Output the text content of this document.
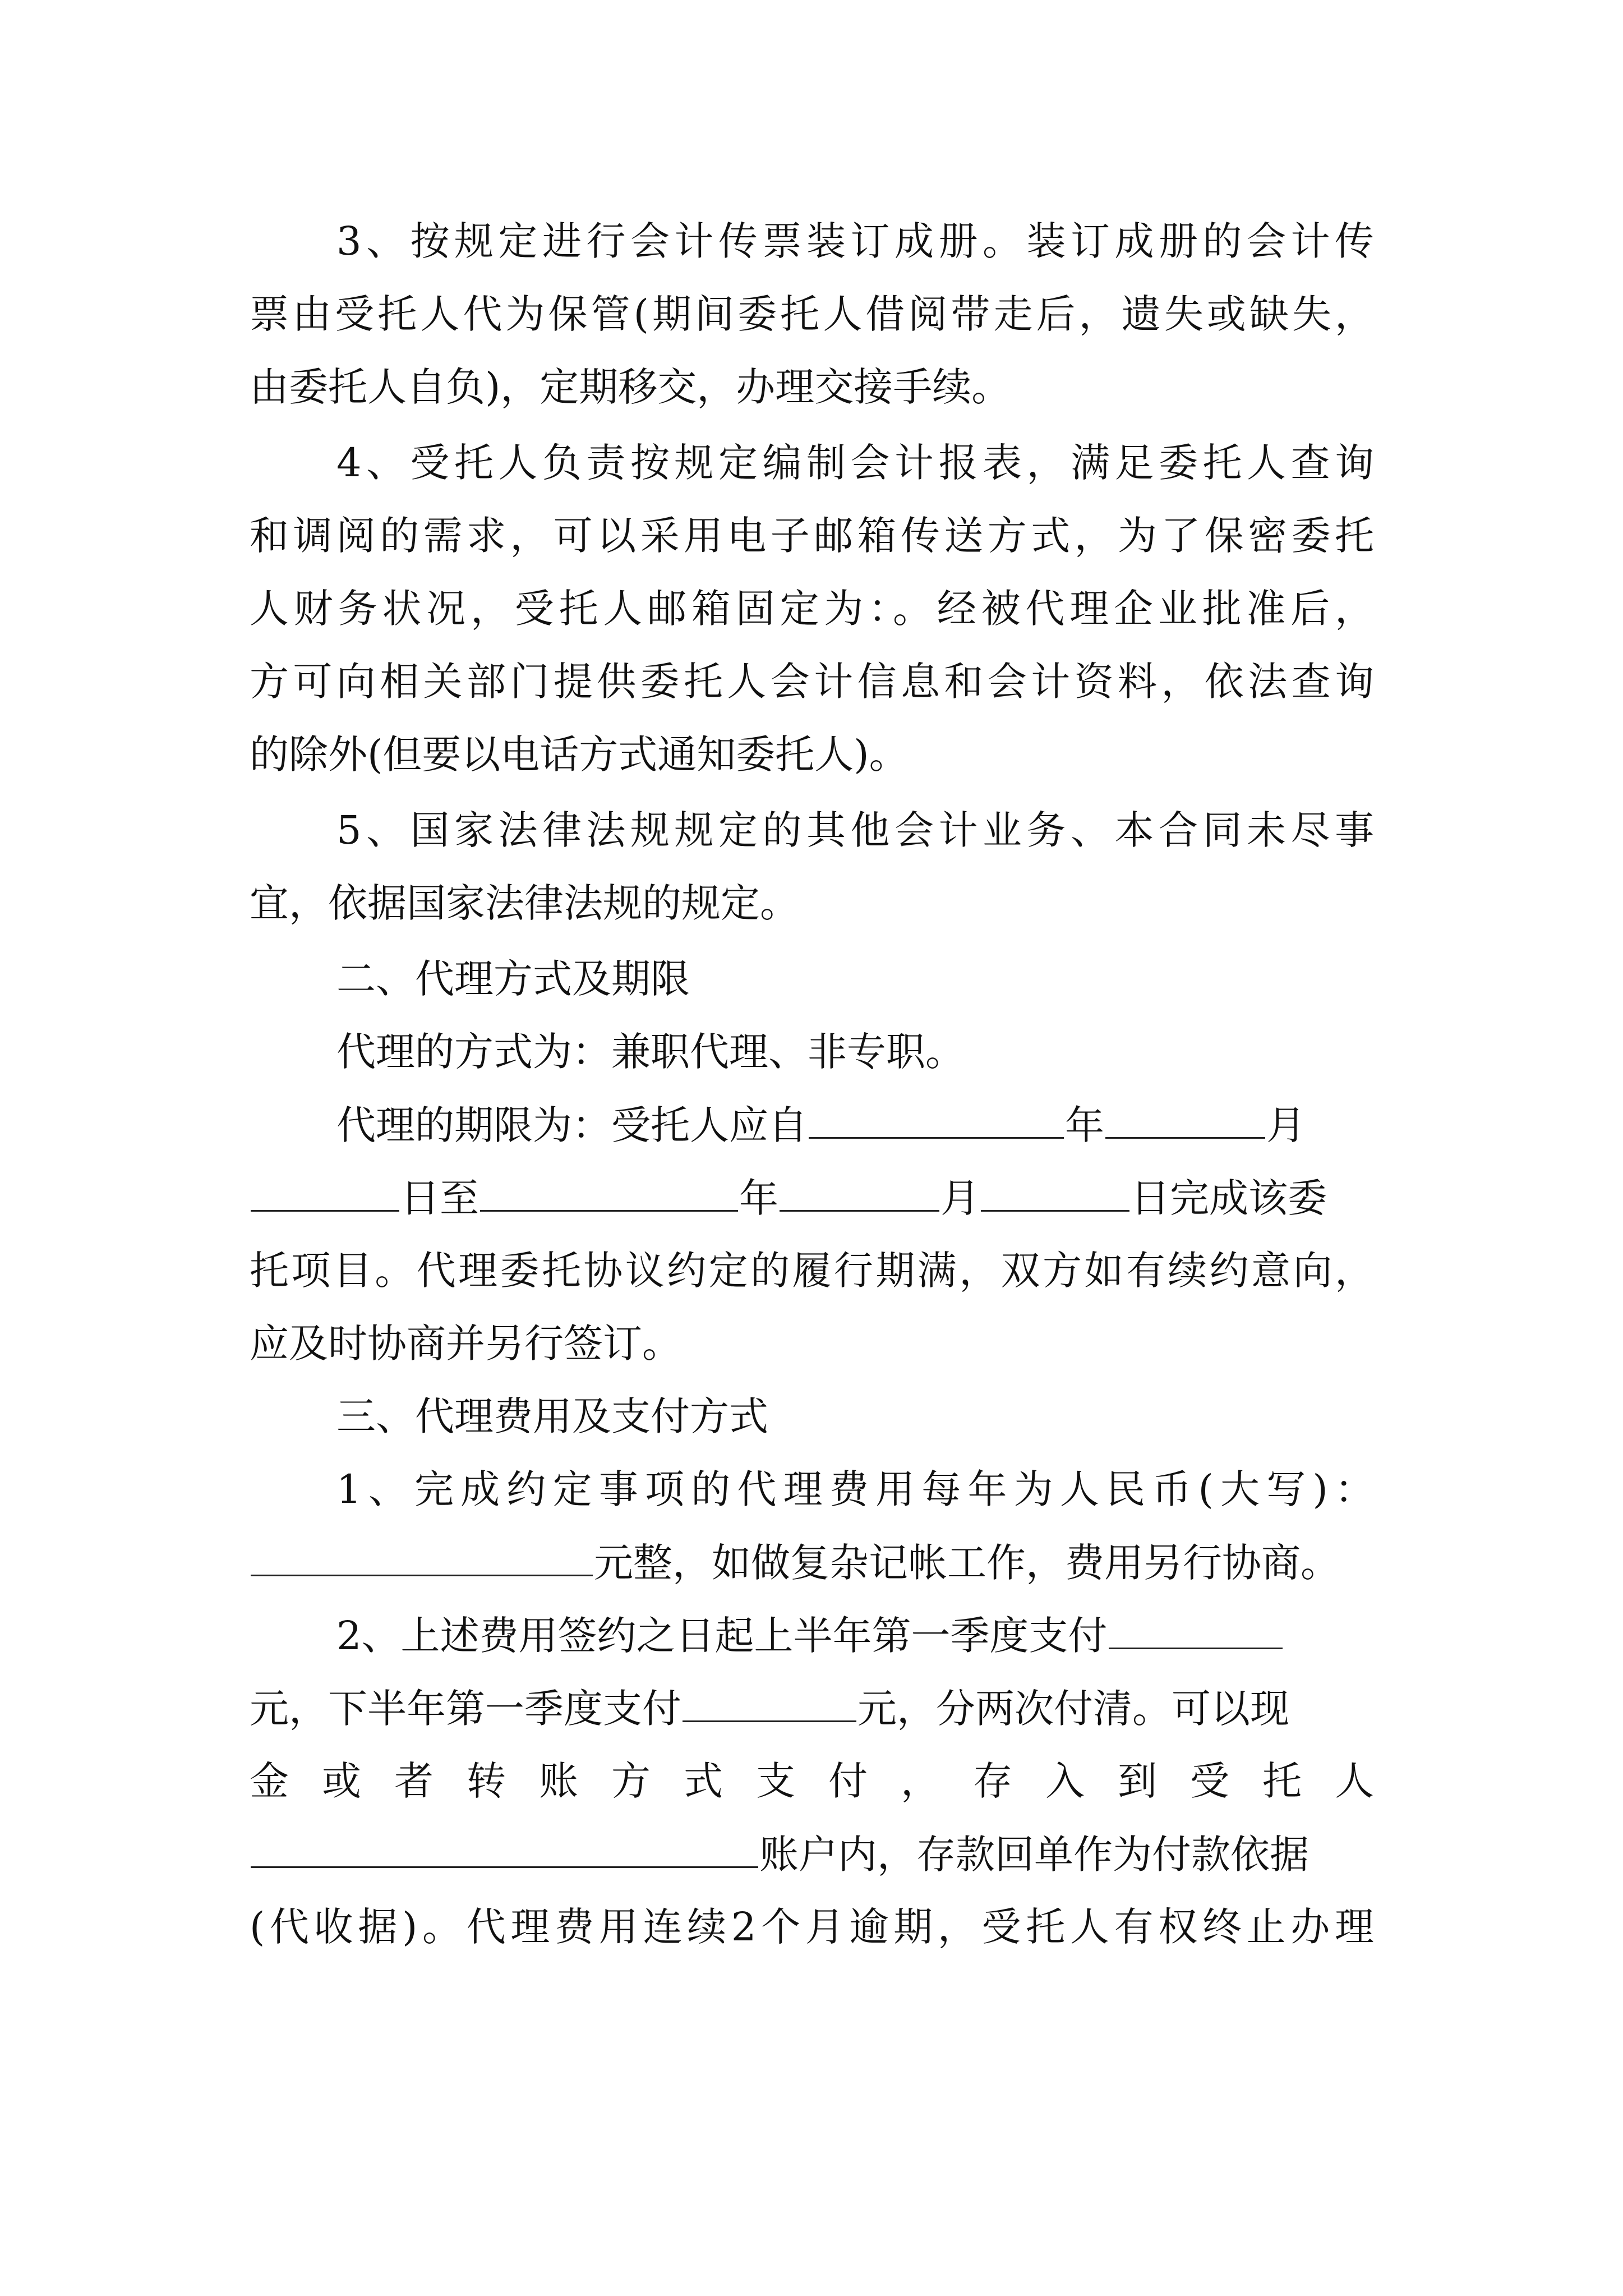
3、按规定进行会计传票装订成册。装订成册的会计传
票由受托人代为保管(期间委托人借阅带走后，遗失或缺失，
由委托人自负)，定期移交，办理交接手续。
4、受托人负责按规定编制会计报表，满足委托人查询
和调阅的需求，可以采用电子邮箱传送方式，为了保密委托
人财务状况，受托人邮箱固定为：。经被代理企业批准后，
方可向相关部门提供委托人会计信息和会计资料，依法查询
的除外(但要以电话方式通知委托人)。
5、国家法律法规规定的其他会计业务、本合同未尽事
宜，依据国家法律法规的规定。
二、代理方式及期限
代理的方式为：兼职代理、非专职。
代理的期限为：受托人应自	年	月
日至	年	月	日完成该委
托项目。代理委托协议约定的履行期满，双方如有续约意向，
应及时协商并另行签订。
三、代理费用及支付方式
1、完成约定事项的代理费用每年为人民币(大写)：
元整，如做复杂记帐工作，费用另行协商。
2、上述费用签约之日起上半年第一季度支付
元，下半年第一季度支付	元，分两次付清。可以现
金 或 者 转 账 方 式 支 付 ， 存 入 到 受 托 人
账户内，存款回单作为付款依据
(代收据)。代理费用连续2个月逾期，受托人有权终止办理
